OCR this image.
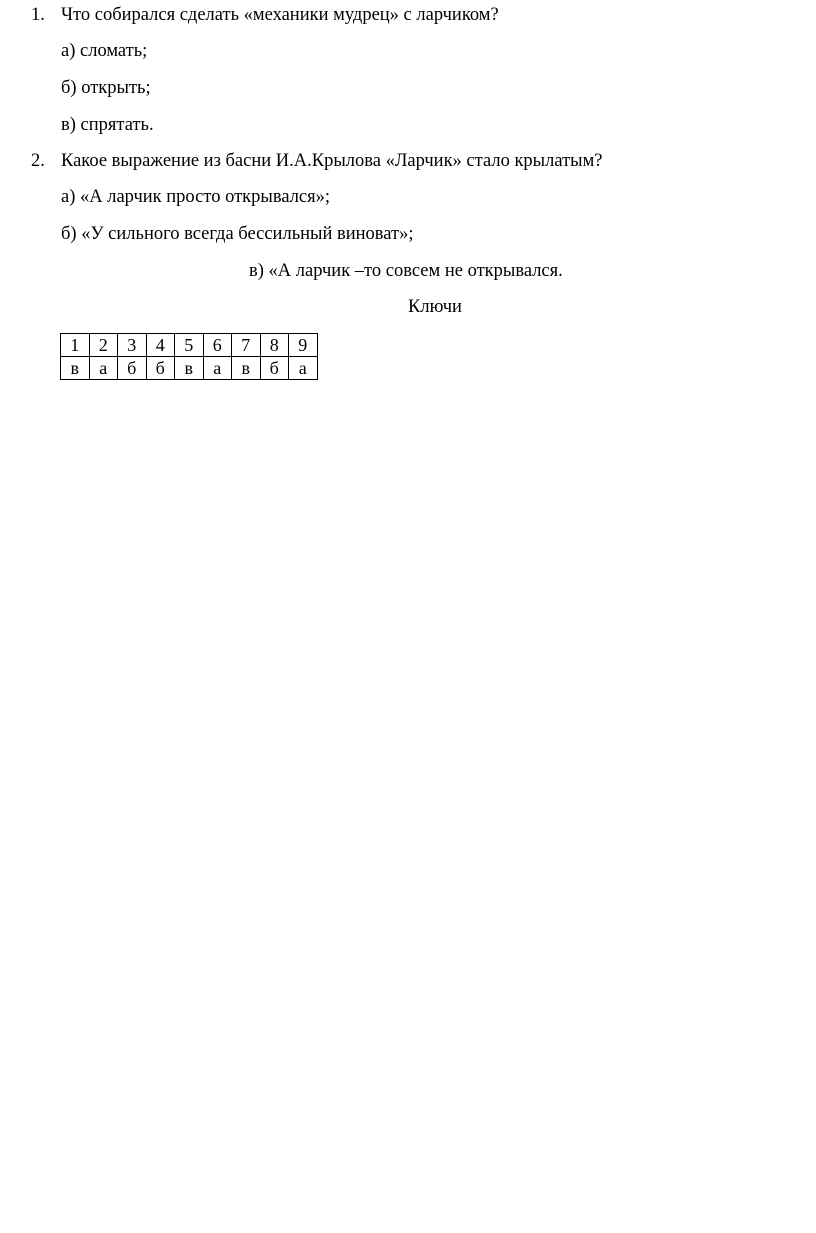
1. Что собирался сделать «механики мудрец» с ларчиком?
а) сломать;
б) открыть;
в) спрятать.
2. Какое выражение из басни И.А.Крылова «Ларчик» стало крылатым?
а) «А ларчик просто открывался»;
б) «У сильного всегда бессильный виноват»;
в) «А ларчик –то совсем не открывался.
Ключи
1	2	3	4	5	6	7	8	9
в	а	б	б	в	а	в	б	а
